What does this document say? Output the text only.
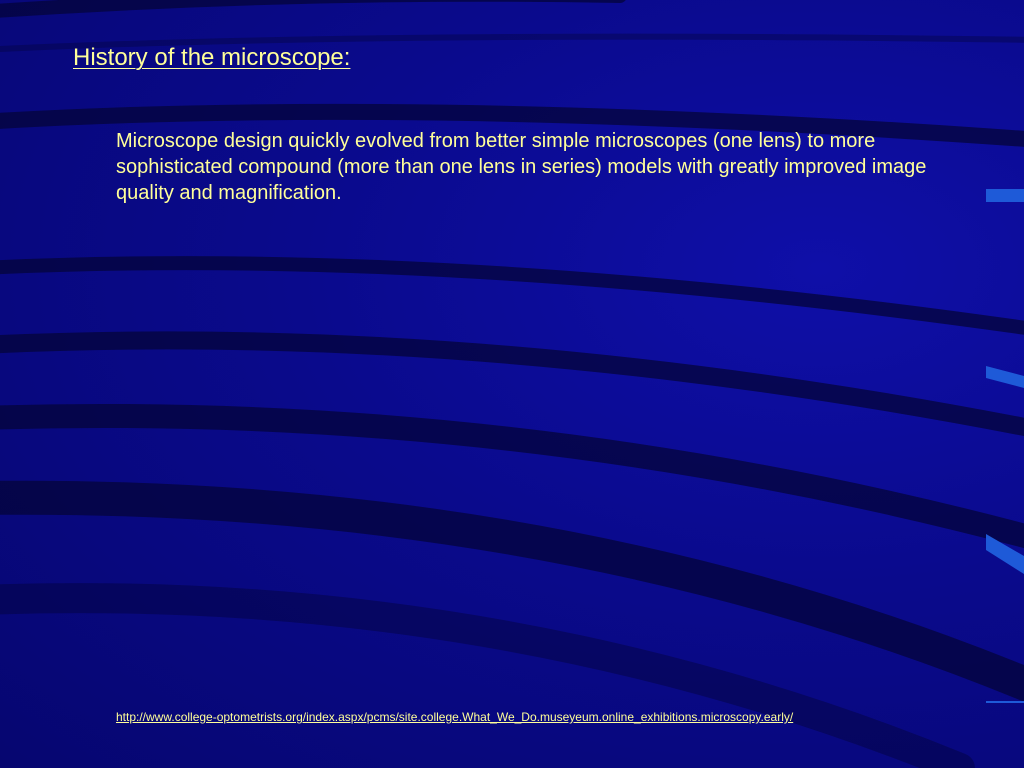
History of the microscope:

Microscope design quickly evolved from better simple microscopes (one lens) to more sophisticated compound (more than one lens in series) models with greatly improved image quality and magnification.

http://www.college-optometrists.org/index.aspx/pcms/site.college.What_We_Do.museyeum.online_exhibitions.microscopy.early/
